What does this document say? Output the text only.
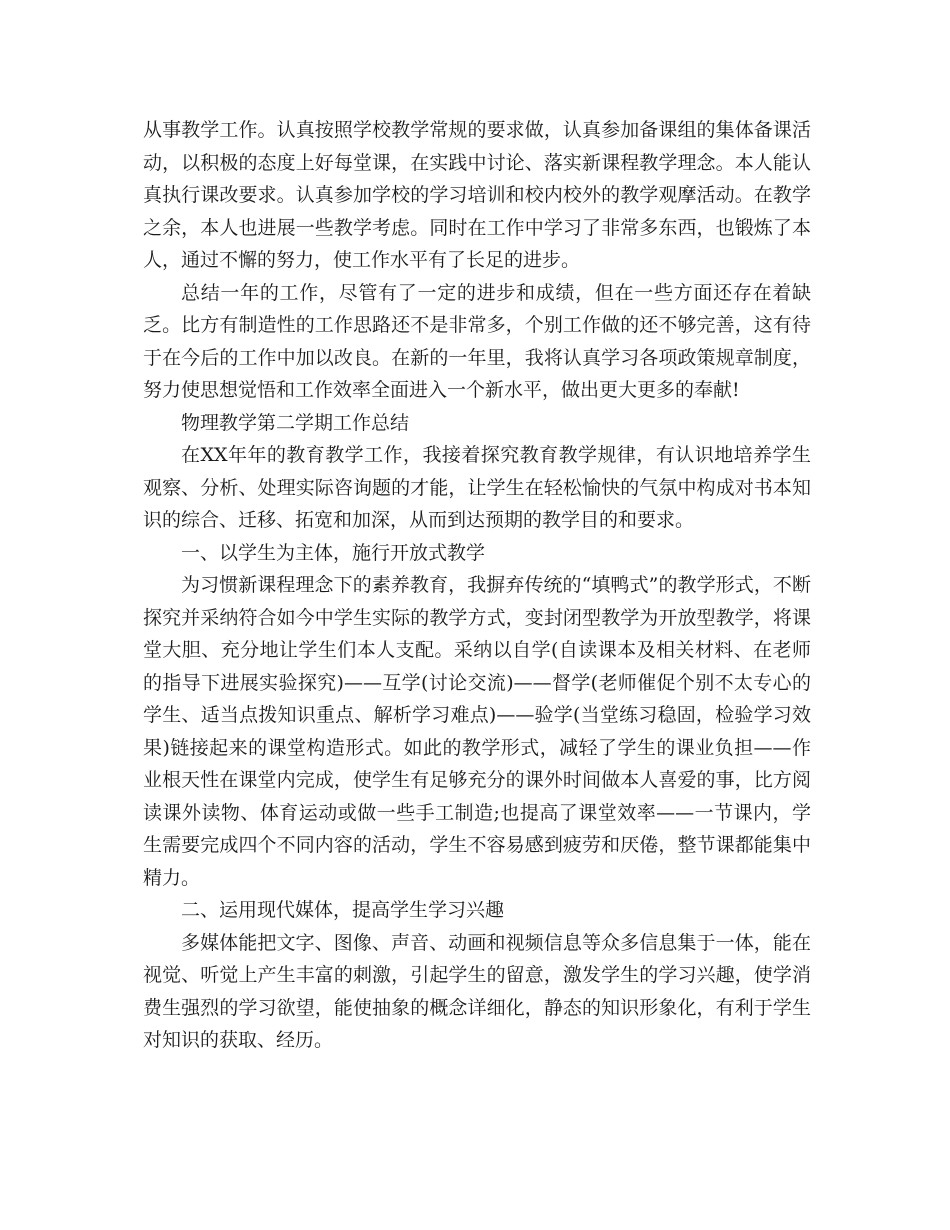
从事教学工作。认真按照学校教学常规的要求做，认真参加备课组的集体备课活动，以积极的态度上好每堂课，在实践中讨论、落实新课程教学理念。本人能认真执行课改要求。认真参加学校的学习培训和校内校外的教学观摩活动。在教学之余，本人也进展一些教学考虑。同时在工作中学习了非常多东西，也锻炼了本人，通过不懈的努力，使工作水平有了长足的进步。

总结一年的工作，尽管有了一定的进步和成绩，但在一些方面还存在着缺乏。比方有制造性的工作思路还不是非常多，个别工作做的还不够完善，这有待于在今后的工作中加以改良。在新的一年里，我将认真学习各项政策规章制度，努力使思想觉悟和工作效率全面进入一个新水平，做出更大更多的奉献!

物理教学第二学期工作总结

在XX年年的教育教学工作，我接着探究教育教学规律，有认识地培养学生观察、分析、处理实际咨询题的才能，让学生在轻松愉快的气氛中构成对书本知识的综合、迁移、拓宽和加深，从而到达预期的教学目的和要求。

一、以学生为主体，施行开放式教学

为习惯新课程理念下的素养教育，我摒弃传统的“填鸭式”的教学形式，不断探究并采纳符合如今中学生实际的教学方式，变封闭型教学为开放型教学，将课堂大胆、充分地让学生们本人支配。采纳以自学(自读课本及相关材料、在老师的指导下进展实验探究)——互学(讨论交流)——督学(老师催促个别不太专心的学生、适当点拨知识重点、解析学习难点)——验学(当堂练习稳固，检验学习效果)链接起来的课堂构造形式。如此的教学形式，减轻了学生的课业负担——作业根天性在课堂内完成，使学生有足够充分的课外时间做本人喜爱的事，比方阅读课外读物、体育运动或做一些手工制造;也提高了课堂效率——一节课内，学生需要完成四个不同内容的活动，学生不容易感到疲劳和厌倦，整节课都能集中精力。

二、运用现代媒体，提高学生学习兴趣

多媒体能把文字、图像、声音、动画和视频信息等众多信息集于一体，能在视觉、听觉上产生丰富的刺激，引起学生的留意，激发学生的学习兴趣，使学消费生强烈的学习欲望，能使抽象的概念详细化，静态的知识形象化，有利于学生对知识的获取、经历。
